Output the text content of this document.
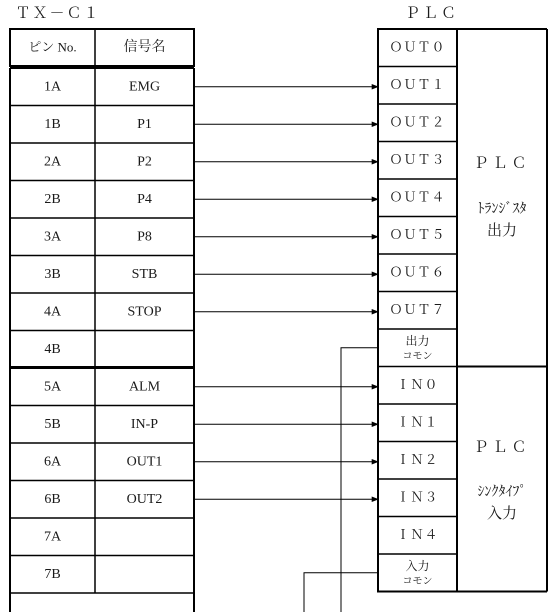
ＴＸ－Ｃ１	ＰＬＣ
ピン No.	信号名
1A	EMG
1B	P1
2A	P2
2B	P4
3A	P8
3B	STB
4A	STOP
4B
5A	ALM
5B	IN-P
6A	OUT1
6B	OUT2
7A
7B
ＯＵＴ０
ＯＵＴ１
ＯＵＴ２
ＯＵＴ３
ＯＵＴ４
ＯＵＴ５
ＯＵＴ６
ＯＵＴ７
出力コモン
ＩＮ０
ＩＮ１
ＩＮ２
ＩＮ３
ＩＮ４
入力コモン
ＰＬＣ
ﾄﾗﾝｼﾞｽﾀ
出力
ＰＬＣ
ｼﾝｸﾀｲﾌﾟ
入力
